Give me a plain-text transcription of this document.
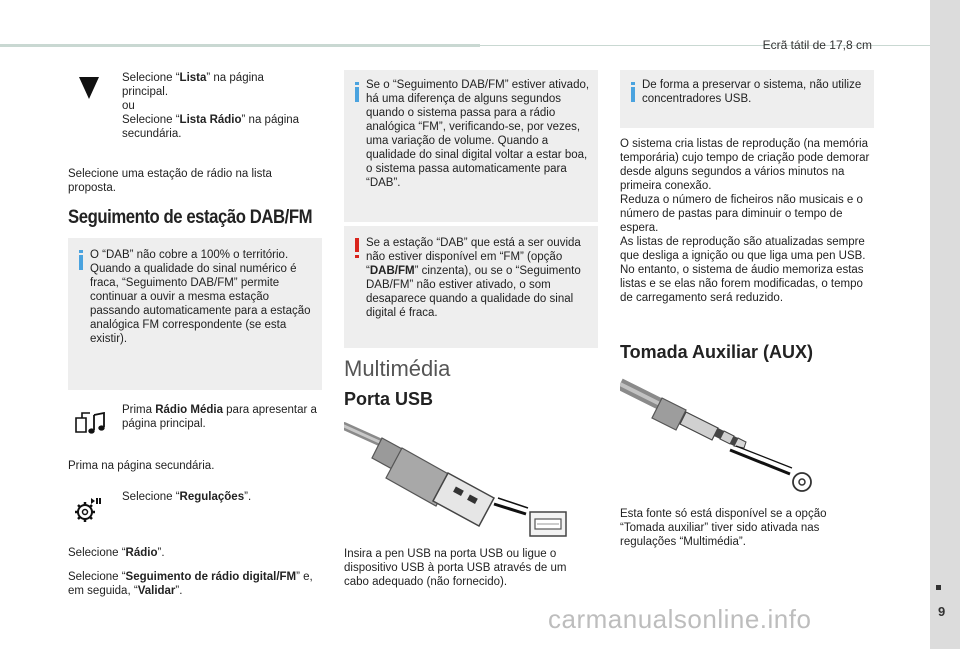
Ecrã tátil de 17,8 cm
9
carmanualsonline.info
Selecione “Lista” na página principal.
ou
Selecione “Lista Rádio” na página secundária.
Selecione uma estação de rádio na lista proposta.
Seguimento de estação DAB/FM
O “DAB” não cobre a 100% o território. Quando a qualidade do sinal numérico é fraca, “Seguimento DAB/FM” permite continuar a ouvir a mesma estação passando automaticamente para a estação analógica FM correspondente (se esta existir).
Prima Rádio Média para apresentar a página principal.
Prima na página secundária.
Selecione “Regulações”.
Selecione “Rádio”.
Selecione “Seguimento de rádio digital/FM” e, em seguida, “Validar”.
Se o “Seguimento DAB/FM” estiver ativado, há uma diferença de alguns segundos quando o sistema passa para a rádio analógica “FM”, verificando-se, por vezes, uma variação de volume. Quando a qualidade do sinal digital voltar a estar boa, o sistema passa automaticamente para “DAB”.
Se a estação “DAB” que está a ser ouvida não estiver disponível em “FM” (opção “DAB/FM” cinzenta), ou se o “Seguimento DAB/FM” não estiver ativado, o som desaparece quando a qualidade do sinal digital é fraca.
Multimédia
Porta USB
Insira a pen USB na porta USB ou ligue o dispositivo USB à porta USB através de um cabo adequado (não fornecido).
De forma a preservar o sistema, não utilize concentradores USB.
O sistema cria listas de reprodução (na memória temporária) cujo tempo de criação pode demorar desde alguns segundos a vários minutos na primeira conexão.
Reduza o número de ficheiros não musicais e o número de pastas para diminuir o tempo de espera.
As listas de reprodução são atualizadas sempre que desliga a ignição ou que liga uma pen USB. No entanto, o sistema de áudio memoriza estas listas e se elas não forem modificadas, o tempo de carregamento será reduzido.
Tomada Auxiliar (AUX)
Esta fonte só está disponível se a opção “Tomada auxiliar” tiver sido ativada nas regulações “Multimédia”.
